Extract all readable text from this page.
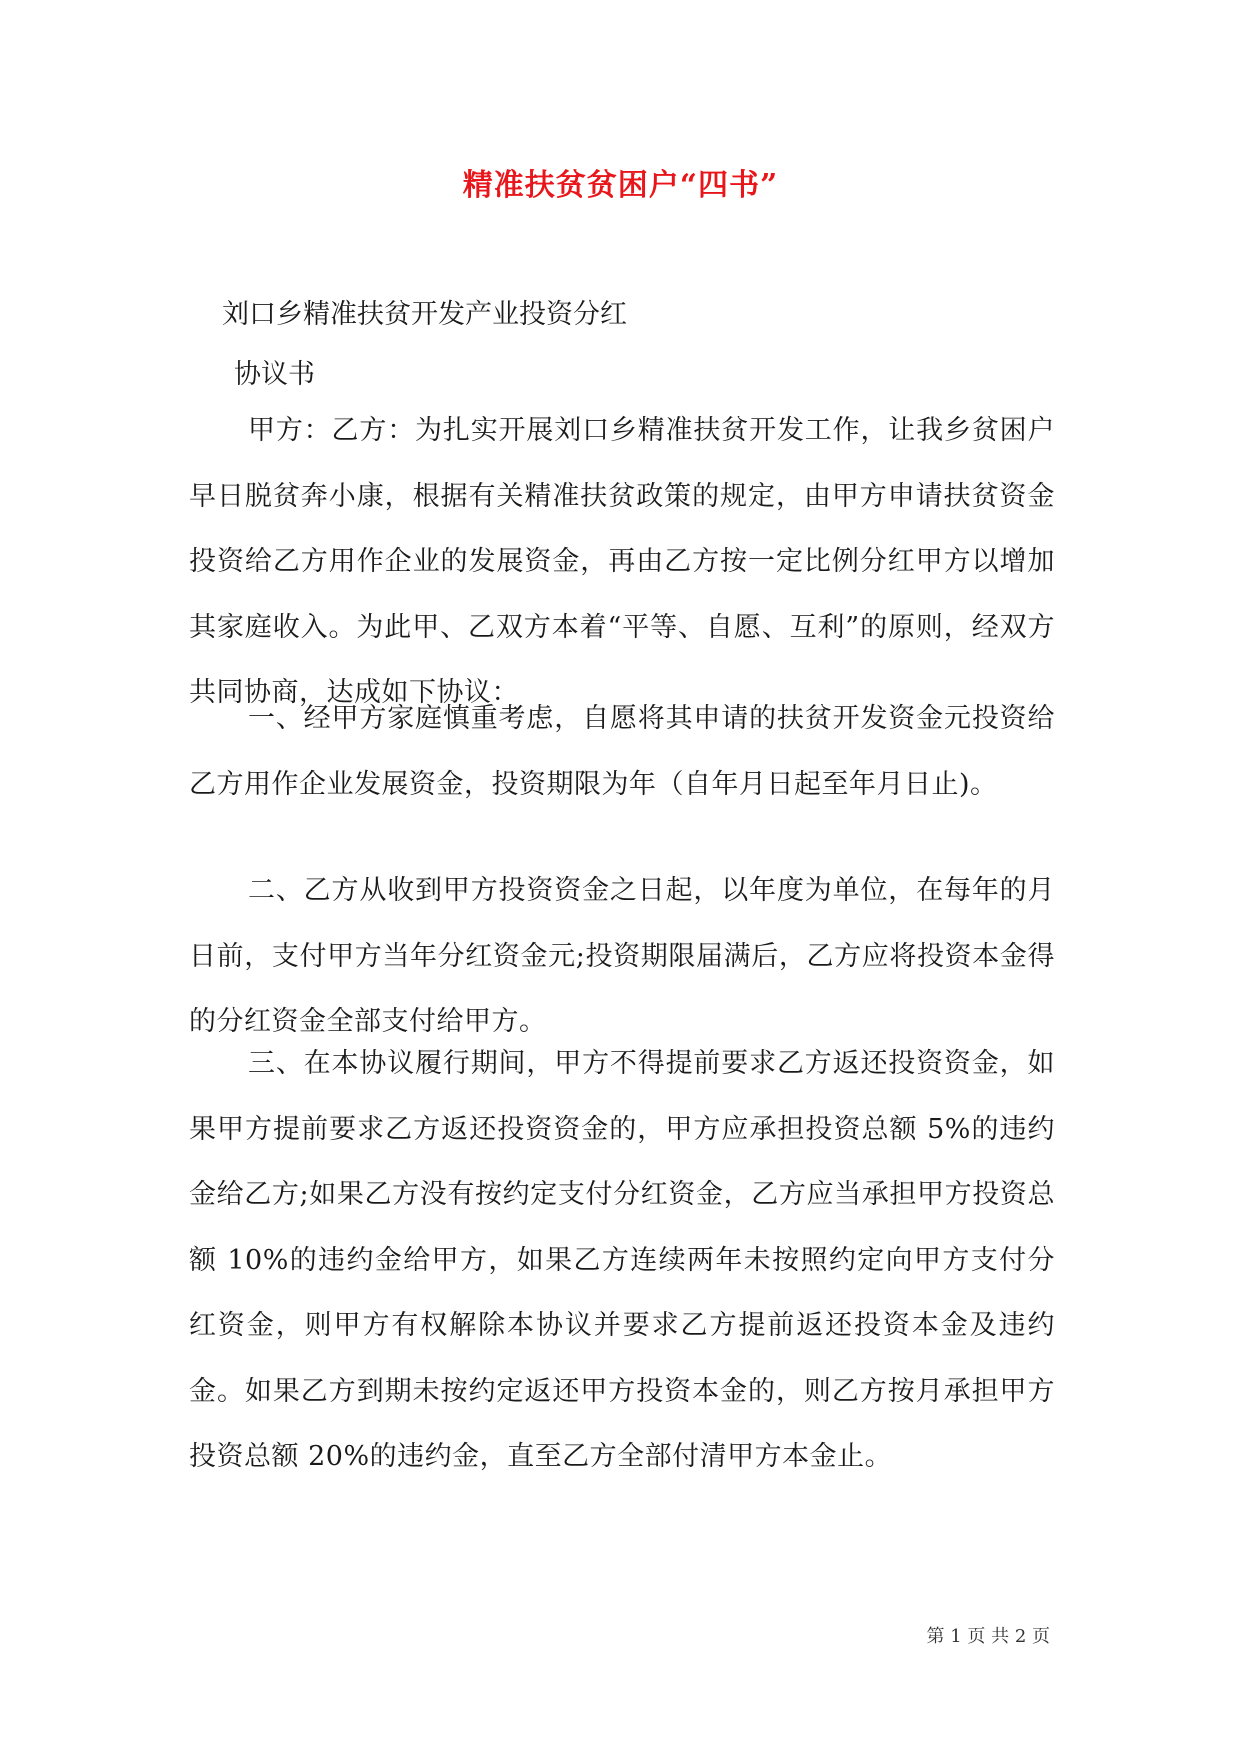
精准扶贫贫困户“四书”

刘口乡精准扶贫开发产业投资分红

协议书

甲方：乙方：为扎实开展刘口乡精准扶贫开发工作，让我乡贫困户早日脱贫奔小康，根据有关精准扶贫政策的规定，由甲方申请扶贫资金投资给乙方用作企业的发展资金，再由乙方按一定比例分红甲方以增加其家庭收入。为此甲、乙双方本着“平等、自愿、互利”的原则，经双方共同协商，达成如下协议：

一、经甲方家庭慎重考虑，自愿将其申请的扶贫开发资金元投资给乙方用作企业发展资金，投资期限为年（自年月日起至年月日止)。

二、乙方从收到甲方投资资金之日起，以年度为单位，在每年的月日前，支付甲方当年分红资金元;投资期限届满后，乙方应将投资本金得的分红资金全部支付给甲方。

三、在本协议履行期间，甲方不得提前要求乙方返还投资资金，如果甲方提前要求乙方返还投资资金的，甲方应承担投资总额 5%的违约金给乙方;如果乙方没有按约定支付分红资金，乙方应当承担甲方投资总额 10%的违约金给甲方，如果乙方连续两年未按照约定向甲方支付分红资金，则甲方有权解除本协议并要求乙方提前返还投资本金及违约金。如果乙方到期未按约定返还甲方投资本金的，则乙方按月承担甲方投资总额 20%的违约金，直至乙方全部付清甲方本金止。

第 1 页 共 2 页
